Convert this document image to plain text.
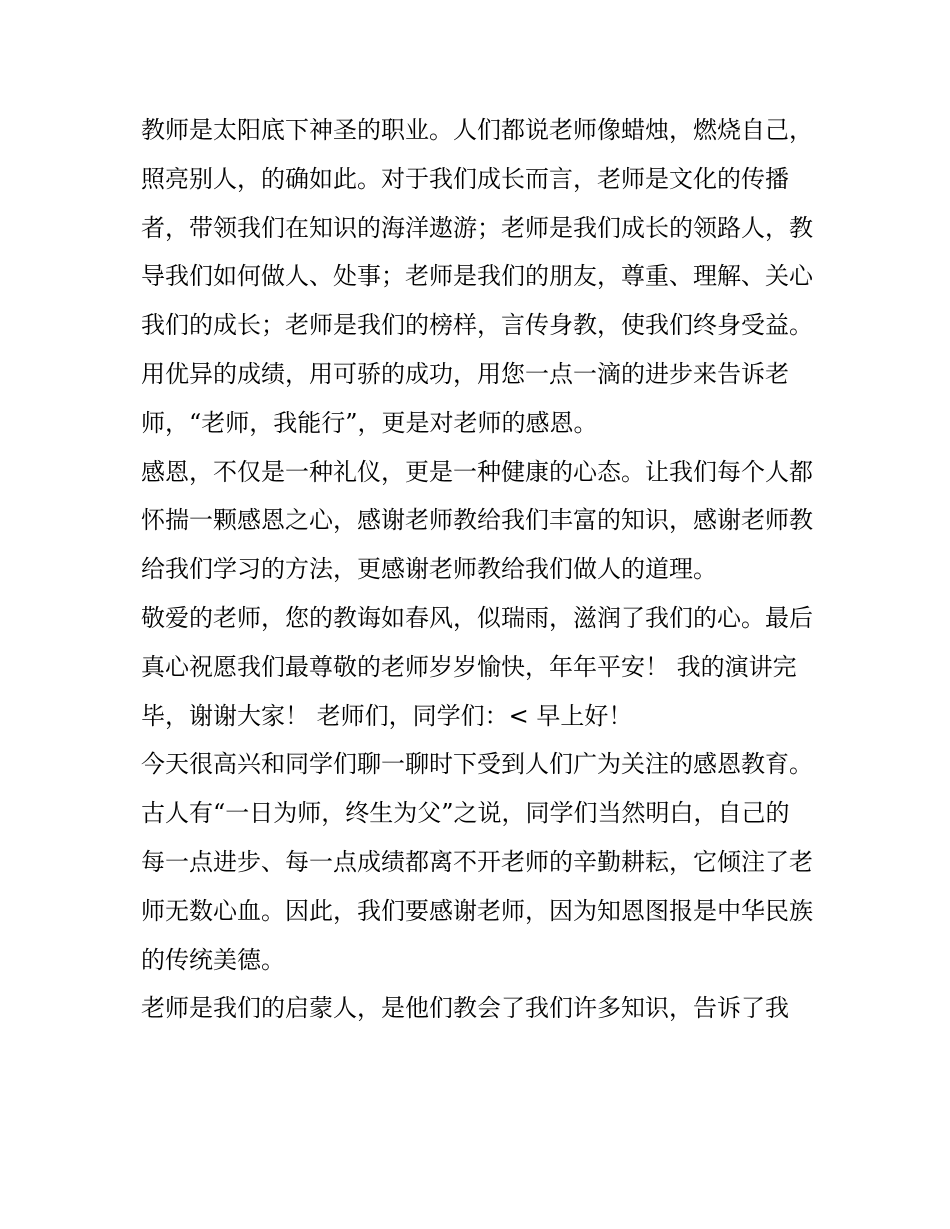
教师是太阳底下神圣的职业。人们都说老师像蜡烛，燃烧自己，照亮别人，的确如此。对于我们成长而言，老师是文化的传播者，带领我们在知识的海洋遨游；老师是我们成长的领路人，教导我们如何做人、处事；老师是我们的朋友，尊重、理解、关心我们的成长；老师是我们的榜样，言传身教，使我们终身受益。

用优异的成绩，用可骄的成功，用您一点一滴的进步来告诉老师，“老师，我能行”，更是对老师的感恩。

感恩，不仅是一种礼仪，更是一种健康的心态。让我们每个人都怀揣一颗感恩之心，感谢老师教给我们丰富的知识，感谢老师教给我们学习的方法，更感谢老师教给我们做人的道理。

敬爱的老师，您的教诲如春风，似瑞雨，滋润了我们的心。最后真心祝愿我们最尊敬的老师岁岁愉快，年年平安！ 我的演讲完毕，谢谢大家！ 老师们，同学们：< 早上好！

今天很高兴和同学们聊一聊时下受到人们广为关注的感恩教育。古人有“一日为师，终生为父”之说，同学们当然明白，自己的每一点进步、每一点成绩都离不开老师的辛勤耕耘，它倾注了老师无数心血。因此，我们要感谢老师，因为知恩图报是中华民族的传统美德。

老师是我们的启蒙人，是他们教会了我们许多知识，告诉了我
